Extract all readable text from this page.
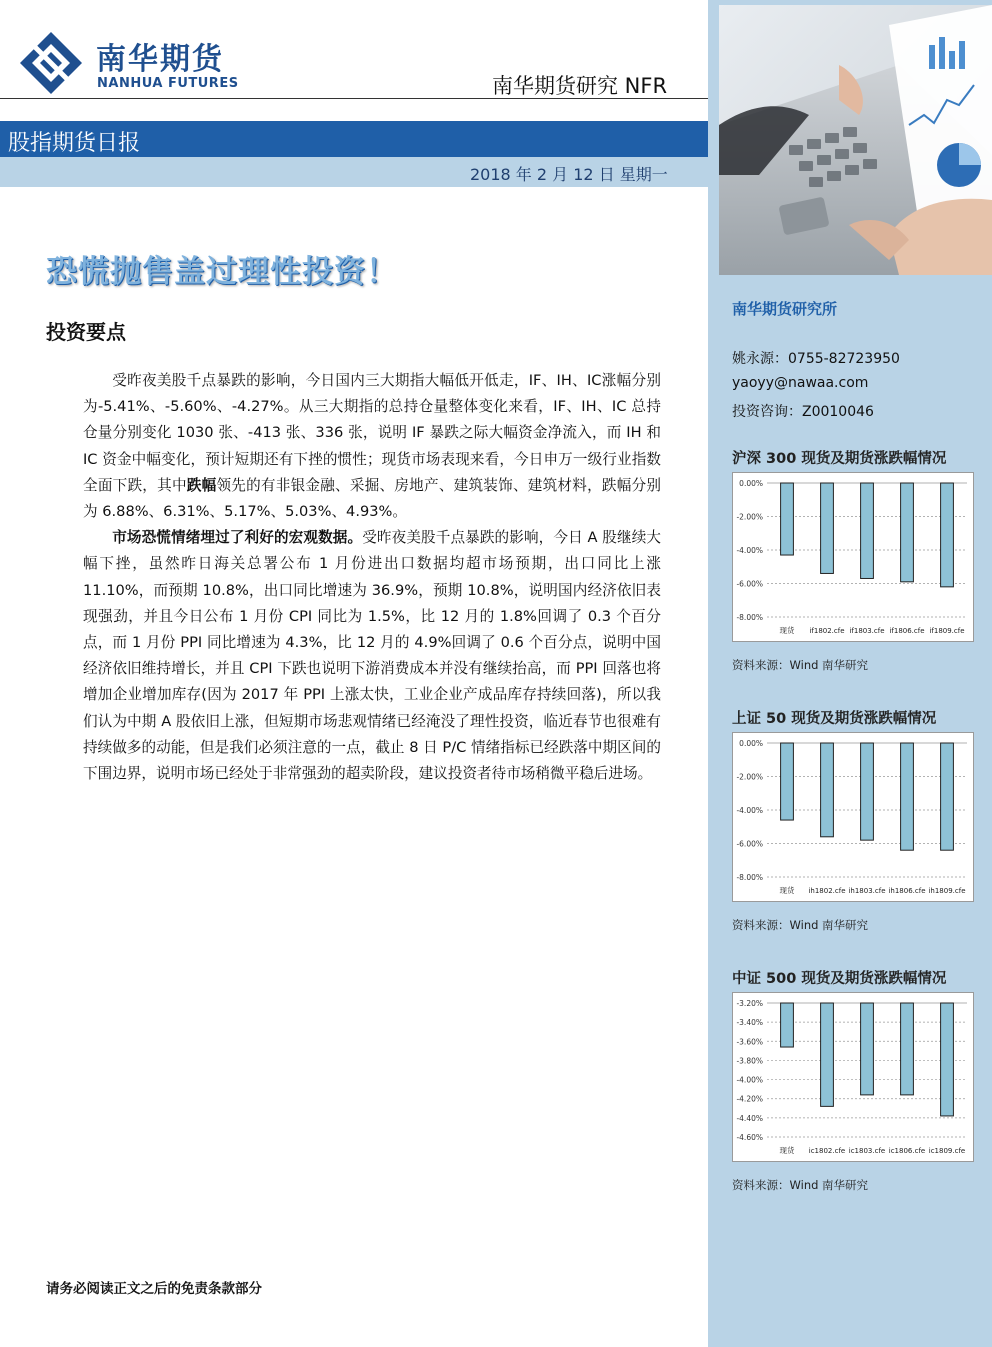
南华期货
NANHUA FUTURES	南华期货研究 NFR
股指期货日报
2018 年 2 月 12 日 星期一
恐慌抛售盖过理性投资！
投资要点

受昨夜美股千点暴跌的影响，今日国内三大期指大幅低开低走，IF、IH、IC涨幅分别为-5.41%、-5.60%、-4.27%。从三大期指的总持仓量整体变化来看，IF、IH、IC 总持仓量分别变化 1030 张、-413 张、336 张，说明 IF 暴跌之际大幅资金净流入，而 IH 和 IC 资金中幅变化，预计短期还有下挫的惯性；现货市场表现来看，今日申万一级行业指数全面下跌，其中跌幅领先的有非银金融、采掘、房地产、建筑装饰、建筑材料，跌幅分别为 6.88%、6.31%、5.17%、5.03%、4.93%。

市场恐慌情绪埋过了利好的宏观数据。受昨夜美股千点暴跌的影响，今日 A 股继续大幅下挫，虽然昨日海关总署公布 1 月份进出口数据均超市场预期，出口同比上涨 11.10%，而预期 10.8%，出口同比增速为 36.9%，预期 10.8%，说明国内经济依旧表现强劲，并且今日公布 1 月份 CPI 同比为 1.5%，比 12 月的 1.8%回调了 0.3 个百分点，而 1 月份 PPI 同比增速为 4.3%，比 12 月的 4.9%回调了 0.6 个百分点，说明中国经济依旧维持增长，并且 CPI 下跌也说明下游消费成本并没有继续抬高，而 PPI 回落也将增加企业增加库存(因为 2017 年 PPI 上涨太快，工业企业产成品库存持续回落)，所以我们认为中期 A 股依旧上涨，但短期市场悲观情绪已经淹没了理性投资，临近春节也很难有持续做多的动能，但是我们必须注意的一点，截止 8 日 P/C 情绪指标已经跌落中期区间的下围边界，说明市场已经处于非常强劲的超卖阶段，建议投资者待市场稍微平稳后进场。

请务必阅读正文之后的免责条款部分
南华期货研究所
姚永源：0755-82723950
yaoyy@nawaa.com
投资咨询：Z0010046
沪深 300 现货及期货涨跌幅情况
0.00%
-2.00%
-4.00%
-6.00%
-8.00%
现货 if1802.cfe if1803.cfe if1806.cfe if1809.cfe
资料来源：Wind 南华研究
上证 50 现货及期货涨跌幅情况
0.00%
-2.00%
-4.00%
-6.00%
-8.00%
现货 ih1802.cfe ih1803.cfe ih1806.cfe ih1809.cfe
资料来源：Wind 南华研究
中证 500 现货及期货涨跌幅情况
-3.20%
-3.40%
-3.60%
-3.80%
-4.00%
-4.20%
-4.40%
-4.60%
现货 ic1802.cfe ic1803.cfe ic1806.cfe ic1809.cfe
资料来源：Wind 南华研究
